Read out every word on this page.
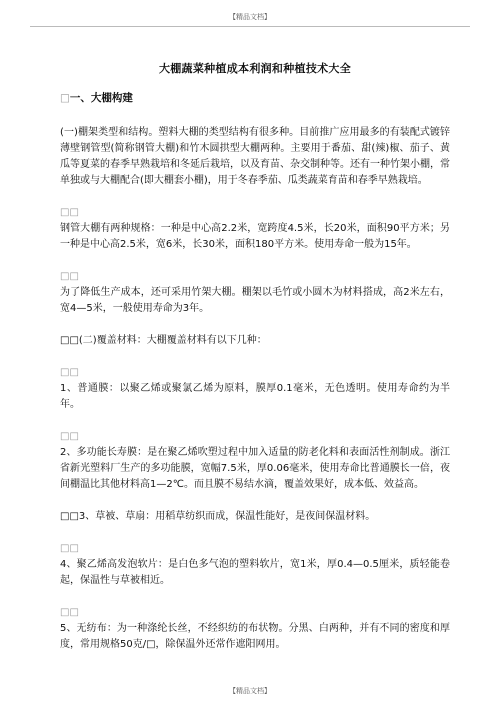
【精品文档】
大棚蔬菜种植成本利润和种植技术大全
□一、大棚构建

(一)棚架类型和结构。塑料大棚的类型结构有很多种。目前推广应用最多的有装配式镀锌薄壁钢管型(简称钢管大棚)和竹木圆拱型大棚两种。主要用于番茄、甜(辣)椒、茄子、黄瓜等夏菜的春季早熟栽培和冬延后栽培，以及育苗、杂交制种等。还有一种竹架小棚，常单独或与大棚配合(即大棚套小棚)，用于冬春季茄、瓜类蔬菜育苗和春季早熟栽培。

□□

钢管大棚有两种规格：一种是中心高2.2米，宽跨度4.5米，长20米，面积90平方米；另一种是中心高2.5米，宽6米，长30米，面积180平方米。使用寿命一般为15年。

□□

为了降低生产成本，还可采用竹架大棚。棚架以毛竹或小圆木为材料搭成，高2米左右，宽4—5米，一般使用寿命为3年。

□□(二)覆盖材料：大棚覆盖材料有以下几种：

□□

1、普通膜：以聚乙烯或聚氯乙烯为原料，膜厚0.1毫米，无色透明。使用寿命约为半年。

□□

2、多功能长寿膜：是在聚乙烯吹塑过程中加入适量的防老化料和表面活性剂制成。浙江省新光塑料厂生产的多功能膜，宽幅7.5米，厚0.06毫米，使用寿命比普通膜长一倍，夜间棚温比其他材料高1—2℃。而且膜不易结水滴，覆盖效果好，成本低、效益高。

□□3、草被、草扇：用稻草纺织而成，保温性能好，是夜间保温材料。

□□

4、聚乙烯高发泡软片：是白色多气泡的塑料软片，宽1米，厚0.4—0.5厘米，质轻能卷起，保温性与草被相近。

□□

5、无纺布：为一种涤纶长丝，不经织纺的布状物。分黑、白两种，并有不同的密度和厚度，常用规格50克/□，除保温外还常作遮阳网用。

【精品文档】
